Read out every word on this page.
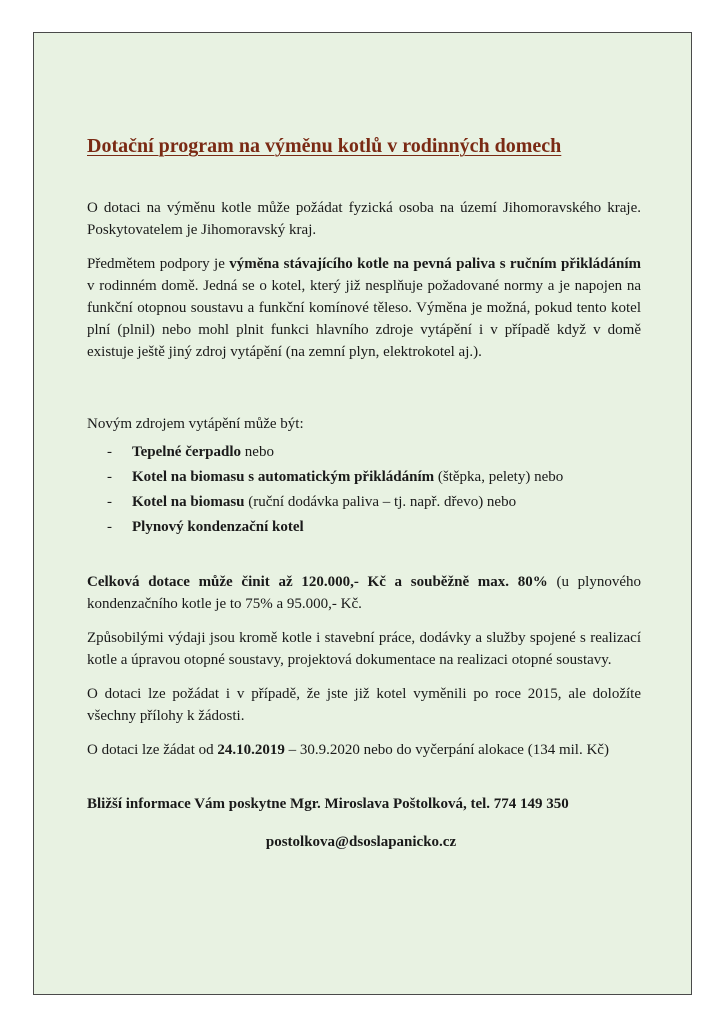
Dotační program na výměnu kotlů v rodinných domech

O dotaci na výměnu kotle může požádat fyzická osoba na území Jihomoravského kraje. Poskytovatelem je Jihomoravský kraj.

Předmětem podpory je výměna stávajícího kotle na pevná paliva s ručním přikládáním v rodinném domě. Jedná se o kotel, který již nesplňuje požadované normy a je napojen na funkční otopnou soustavu a funkční komínové těleso. Výměna je možná, pokud tento kotel plní (plnil) nebo mohl plnit funkci hlavního zdroje vytápění i v případě když v domě existuje ještě jiný zdroj vytápění (na zemní plyn, elektrokotel aj.).

Novým zdrojem vytápění může být:

- Tepelné čerpadlo nebo
- Kotel na biomasu s automatickým přikládáním (štěpka, pelety) nebo
- Kotel na biomasu (ruční dodávka paliva – tj. např. dřevo) nebo
- Plynový kondenzační kotel

Celková dotace může činit až 120.000,- Kč a souběžně max. 80% (u plynového kondenzačního kotle je to 75% a 95.000,- Kč.

Způsobilými výdaji jsou kromě kotle i stavební práce, dodávky a služby spojené s realizací kotle a úpravou otopné soustavy, projektová dokumentace na realizaci otopné soustavy.

O dotaci lze požádat i v případě, že jste již kotel vyměnili po roce 2015, ale doložíte všechny přílohy k žádosti.

O dotaci lze žádat od 24.10.2019 – 30.9.2020 nebo do vyčerpání alokace (134 mil. Kč)

Bližší informace Vám poskytne Mgr. Miroslava Poštolková, tel. 774 149 350
postolkova@dsoslapanicko.cz
